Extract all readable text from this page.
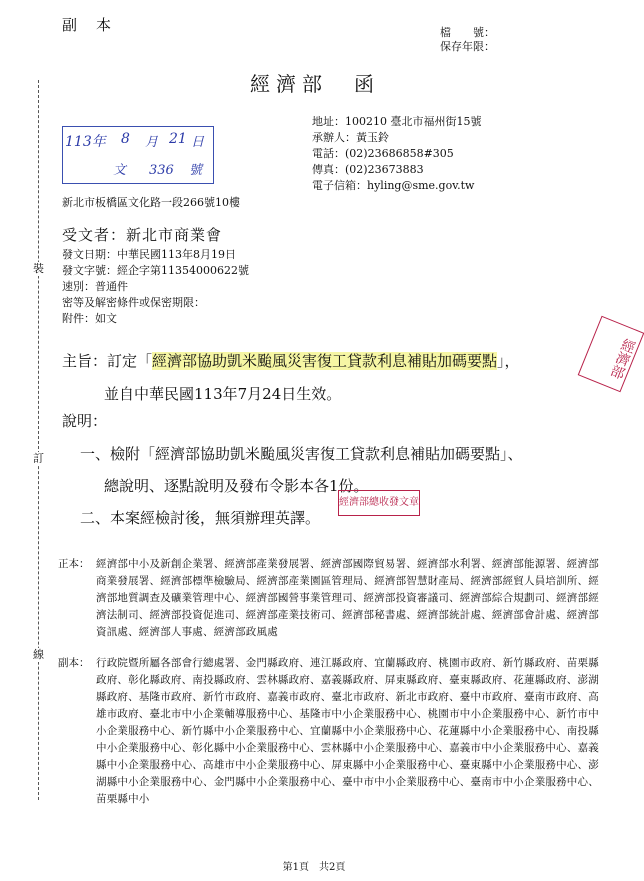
副　本	檔　　號：
保存年限：
經濟部　函
地址：100210 臺北市福州街15號
承辦人：黃玉鈴
電話：(02)23686858#305
傳真：(02)23673883
電子信箱：hyling@sme.gov.tw
113年 8 月 21 日
文 336 號
新北市板橋區文化路一段266號10樓
裝
訂
線
受文者：新北市商業會
發文日期：中華民國113年8月19日
發文字號：經企字第11354000622號
速別：普通件
密等及解密條件或保密期限：
附件：如文
主旨：訂定「經濟部協助凱米颱風災害復工貸款利息補貼加碼要點」，
並自中華民國113年7月24日生效。
經濟部
說明：
一、檢附「經濟部協助凱米颱風災害復工貸款利息補貼加碼要點」、
總說明、逐點說明及發布令影本各1份。
二、本案經檢討後，無須辦理英譯。
經濟部總收發文章
正本： 經濟部中小及新創企業署、經濟部產業發展署、經濟部國際貿易署、經濟部水利署、經濟部能源署、經濟部商業發展署、經濟部標準檢驗局、經濟部產業園區管理局、經濟部智慧財產局、經濟部經貿人員培訓所、經濟部地質調查及礦業管理中心、經濟部國營事業管理司、經濟部投資審議司、經濟部綜合規劃司、經濟部經濟法制司、經濟部投資促進司、經濟部產業技術司、經濟部秘書處、經濟部統計處、經濟部會計處、經濟部資訊處、經濟部人事處、經濟部政風處
副本： 行政院暨所屬各部會行總處署、金門縣政府、連江縣政府、宜蘭縣政府、桃園市政府、新竹縣政府、苗栗縣政府、彰化縣政府、南投縣政府、雲林縣政府、嘉義縣政府、屏東縣政府、臺東縣政府、花蓮縣政府、澎湖縣政府、基隆市政府、新竹市政府、嘉義市政府、臺北市政府、新北市政府、臺中市政府、臺南市政府、高雄市政府、臺北市中小企業輔導服務中心、基隆市中小企業服務中心、桃園市中小企業服務中心、新竹市中小企業服務中心、新竹縣中小企業服務中心、宜蘭縣中小企業服務中心、花蓮縣中小企業服務中心、南投縣中小企業服務中心、彰化縣中小企業服務中心、雲林縣中小企業服務中心、嘉義市中小企業服務中心、嘉義縣中小企業服務中心、高雄市中小企業服務中心、屏東縣中小企業服務中心、臺東縣中小企業服務中心、澎湖縣中小企業服務中心、金門縣中小企業服務中心、臺中市中小企業服務中心、臺南市中小企業服務中心、苗栗縣中小
第1頁　共2頁
